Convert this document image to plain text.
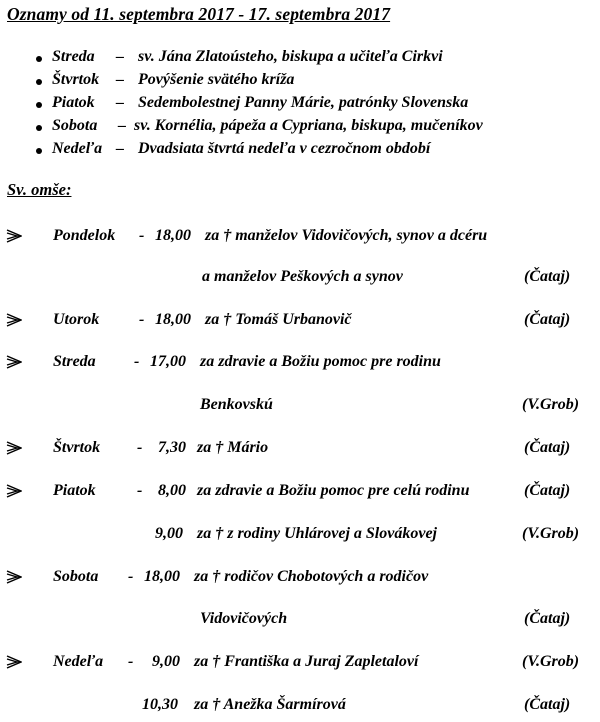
Oznamy od 11. septembra 2017 - 17. septembra 2017
Streda – sv. Jána Zlatoústeho, biskupa a učiteľa Cirkvi
Štvrtok – Povýšenie svätého kríža
Piatok – Sedembolestnej Panny Márie, patrónky Slovenska
Sobota – sv. Kornélia, pápeža a Cypriana, biskupa, mučeníkov
Nedeľa – Dvadsiata štvrtá nedeľa v cezročnom období
Sv. omše:
Pondelok - 18,00 za † manželov Vidovičových, synov a dcéru
a manželov Peškových a synov	(Čataj)
Utorok - 18,00 za † Tomáš Urbanovič	(Čataj)
Streda - 17,00 za zdravie a Božiu pomoc pre rodinu
Benkovskú	(V.Grob)
Štvrtok - 7,30 za † Mário	(Čataj)
Piatok	- 8,00 za zdravie a Božiu pomoc pre celú rodinu	(Čataj)
9,00 za † z rodiny Uhlárovej a Slovákovej	(V.Grob)
Sobota - 18,00 za † rodičov Chobotových a rodičov
Vidovičových	(Čataj)
Nedeľa - 9,00 za † Františka a Juraj Zapletaloví	(V.Grob)
10,30 za † Anežka Šarmírová	(Čataj)
